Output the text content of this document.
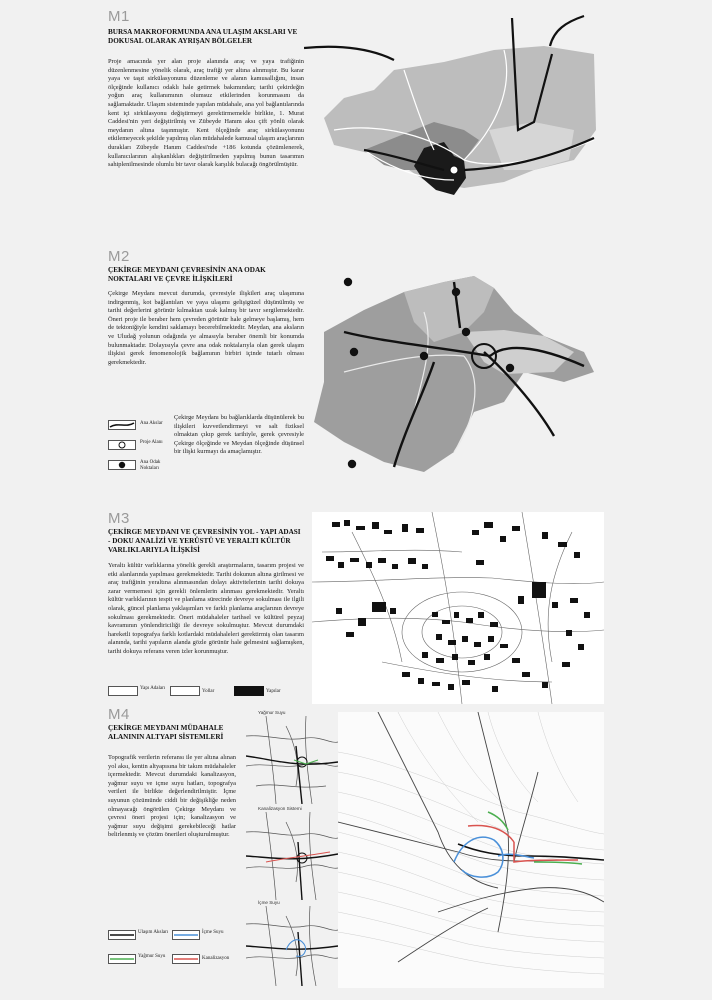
M1
BURSA MAKROFORMUNDA ANA ULAŞIM AKSLARI VE DOKUSAL OLARAK AYRIŞAN BÖLGELER
Proje amacında yer alan proje alanında araç ve yaya trafiğinin düzenlenmesine yönelik olarak, araç trafiği yer altına alınmıştır. Bu karar yaya ve taşıt sirkülasyonunu düzenleme ve alanın kamusallığını, insan ölçeğinde kullanıcı odaklı hale getirmek bakımından; tarihi çekirdeğin yoğun araç kullanımının olumsuz etkilerinden korunmasını da sağlamaktadır. Ulaşım sisteminde yapılan müdahale, ana yol bağlantılarında kent içi sirkülasyonu değiştirmeyi gerektirmemekle birlikte, 1. Murat Caddesi'nin yeri değiştirilmiş ve Zübeyde Hanım aksı çift yönlü olarak meydanın altına taşınmıştır. Kent ölçeğinde araç sirkülasyonunu etkilemeyecek şekilde yapılmış olan müdahalede kamusal ulaşım araçlarının durakları Zübeyde Hanım Caddesi'nde +186 kotunda çözümlenerek, kullanıcılarının alışkanlıkları değiştirilmeden yapılmış bunun tasarımın sahiplenilmesinde olumlu bir tavır olarak karşılık bulacağı öngörülmüştür.
M2
ÇEKİRGE MEYDANI ÇEVRESİNİN ANA ODAK NOKTALARI VE ÇEVRE İLİŞKİLERİ
Çekirge Meydanı mevcut durumda, çevresiyle ilişkileri araç ulaşımına indirgenmiş, kot bağlantıları ve yaya ulaşımı gelişigüzel düşünülmüş ve tarihi değerlerini görünür kılmaktan uzak kalmış bir tavır sergilemektedir. Öneri proje ile beraber hem çevreden görünür hale gelmeye başlamış, hem de tektoniğiyle kendini saklamayı becerebilmektedir. Meydan, ana aksların ve Uludağ yolunun odağında ye almasıyla beraber önemli bir konumda bulunmaktadır. Dolayısıyla çevre ana odak noktalarıyla olan gerek ulaşım ilişkisi gerek fenomenolojik bağlamının birbiri içinde tutarlı olması gerekmektedir.
Çekirge Meydanı bu bağlarıklarda düşünülerek bu ilişkileri kuvvetlendirmeyi ve salt fiziksel olmaktan çıkıp gerek tarihiyle, gerek çevresiyle Çekirge ölçeğinde ve Meydan ölçeğinde düşünsel bir ilişki kurmayı da amaçlamıştır.
Ana Akslar
Proje Alanı
Ana Odak Noktaları
M3
ÇEKİRGE MEYDANI VE ÇEVRESİNİN YOL - YAPI ADASI - DOKU ANALİZİ VE YERÜSTÜ VE YERALTI KÜLTÜR VARLIKLARIYLA İLİŞKİSİ
Yeraltı kültür varlıklarına yönelik gerekli araştırmaların, tasarım projesi ve etki alanlarında yapılması gerekmektedir. Tarihi dokunun altına girilmesi ve araç trafiğinin yeraltına alınmasından dolayı aktivitelerinin tarihi dokuya zarar vermemesi için gerekli önlemlerin alınması gerekmektedir. Yeraltı kültür varlıklarının tespit ve planlama sürecinde devreye sokulması ile ilgili olarak, güncel planlama yaklaşımları ve farklı planlama araçlarının devreye sokulması gerekmektedir. Öneri müdahaleler tarihsel ve kültürel peyzaj kavramının yönlendiriciliği ile devreye sokulmuştur. Mevcut durumdaki hareketli topografya farklı kotlardaki müdahaleleri gerektirmiş olan tasarım alanında, tarihi yapıların alanda gözle görünür hale gelmesini sağlamışken, tarihi dokuya referans veren izler korunmuştur.
Yapı Adaları
Yollar	Yapılar
M4
ÇEKİRGE MEYDANI MÜDAHALE ALANININ ALTYAPI SİSTEMLERİ
Topografik verilerin referansı ile yer altına alınan yol aksı, kentin altyapısına bir takım müdahaleler içermektedir. Mevcut durumdaki kanalizasyon, yağmur suyu ve içme suyu hatları, topografya verileri ile birlikte değerlendirilmiştir. İçme suyunun çözümünde ciddi bir değişikliğe neden olmayacağı öngörülen Çekirge Meydanı ve çevresi öneri projesi için; kanalizasyon ve yağmur suyu değişimi gerekebileceği hatlar belirlenmiş ve çözüm önerileri oluşturulmuştur.
Ulaşım Aksları	İçme Suyu
Yağmur Suyu	Kanalizasyon
Yağmur Suyu
Kanalizasyon Sistemi
İçme Suyu
